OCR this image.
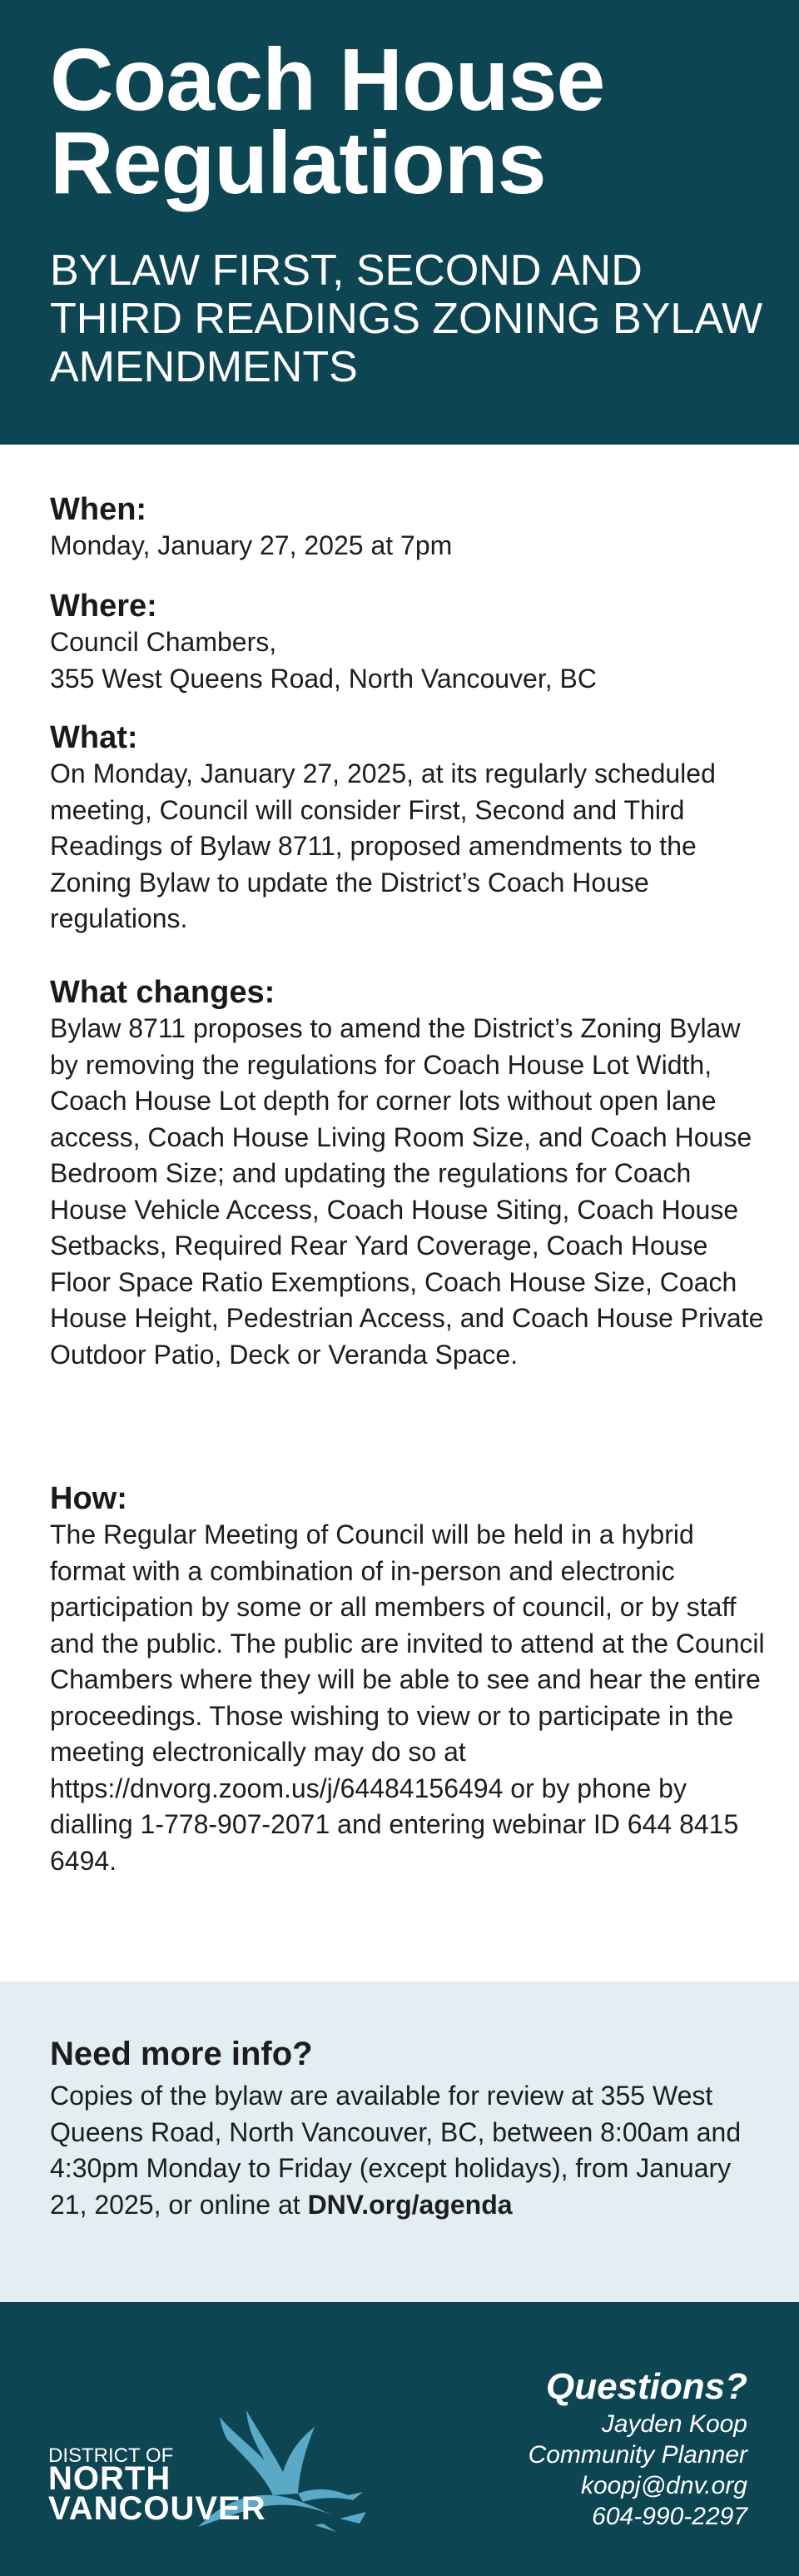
Coach House Regulations
BYLAW FIRST, SECOND AND THIRD READINGS ZONING BYLAW AMENDMENTS
When:

Monday, January 27, 2025 at 7pm

Where:

Council Chambers,
355 West Queens Road, North Vancouver, BC

What:

On Monday, January 27, 2025, at its regularly scheduled meeting, Council will consider First, Second and Third Readings of Bylaw 8711, proposed amendments to the Zoning Bylaw to update the District’s Coach House regulations.

What changes:

Bylaw 8711 proposes to amend the District’s Zoning Bylaw by removing the regulations for Coach House Lot Width, Coach House Lot depth for corner lots without open lane access, Coach House Living Room Size, and Coach House Bedroom Size; and updating the regulations for Coach House Vehicle Access, Coach House Siting, Coach House Setbacks, Required Rear Yard Coverage, Coach House Floor Space Ratio Exemptions, Coach House Size, Coach House Height, Pedestrian Access, and Coach House Private Outdoor Patio, Deck or Veranda Space.

How:

The Regular Meeting of Council will be held in a hybrid format with a combination of in-person and electronic participation by some or all members of council, or by staff and the public. The public are invited to attend at the Council Chambers where they will be able to see and hear the entire proceedings. Those wishing to view or to participate in the meeting electronically may do so at https://dnvorg.zoom.us/j/64484156494 or by phone by dialling 1-778-907-2071 and entering webinar ID 644 8415 6494.

Need more info?

Copies of the bylaw are available for review at 355 West Queens Road, North Vancouver, BC, between 8:00am and 4:30pm Monday to Friday (except holidays), from January 21, 2025, or online at DNV.org/agenda

DISTRICT OF
NORTH
VANCOUVER
Questions?
Jayden Koop
Community Planner
koopj@dnv.org
604-990-2297
